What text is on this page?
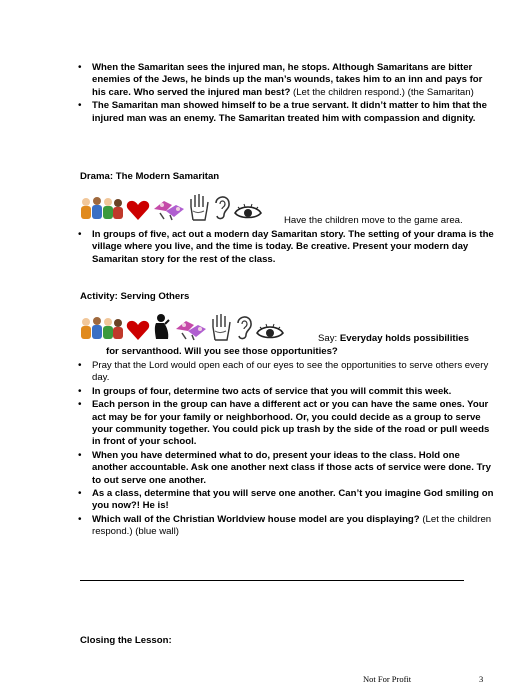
• When the Samaritan sees the injured man, he stops. Although Samaritans are bitter enemies of the Jews, he binds up the man’s wounds, takes him to an inn and pays for his care. Who served the injured man best? (Let the children respond.) (the Samaritan)
• The Samaritan man showed himself to be a true servant. It didn’t matter to him that the injured man was an enemy. The Samaritan treated him with compassion and dignity.
Drama: The Modern Samaritan
Have the children move to the game area.
• In groups of five, act out a modern day Samaritan story. The setting of your drama is the village where you live, and the time is today. Be creative. Present your modern day Samaritan story for the rest of the class.
Activity: Serving Others
Say: Everyday holds possibilities
for servanthood. Will you see those opportunities?
• Pray that the Lord would open each of our eyes to see the opportunities to serve others every day.
• In groups of four, determine two acts of service that you will commit this week.
• Each person in the group can have a different act or you can have the same ones. Your act may be for your family or neighborhood. Or, you could decide as a group to serve your community together. You could pick up trash by the side of the road or pull weeds in front of your school.
• When you have determined what to do, present your ideas to the class. Hold one another accountable. Ask one another next class if those acts of service were done. Try to out serve one another.
• As a class, determine that you will serve one another. Can’t you imagine God smiling on you now?! He is!
• Which wall of the Christian Worldview house model are you displaying? (Let the children respond.) (blue wall)
Closing the Lesson:
Not For Profit	3
